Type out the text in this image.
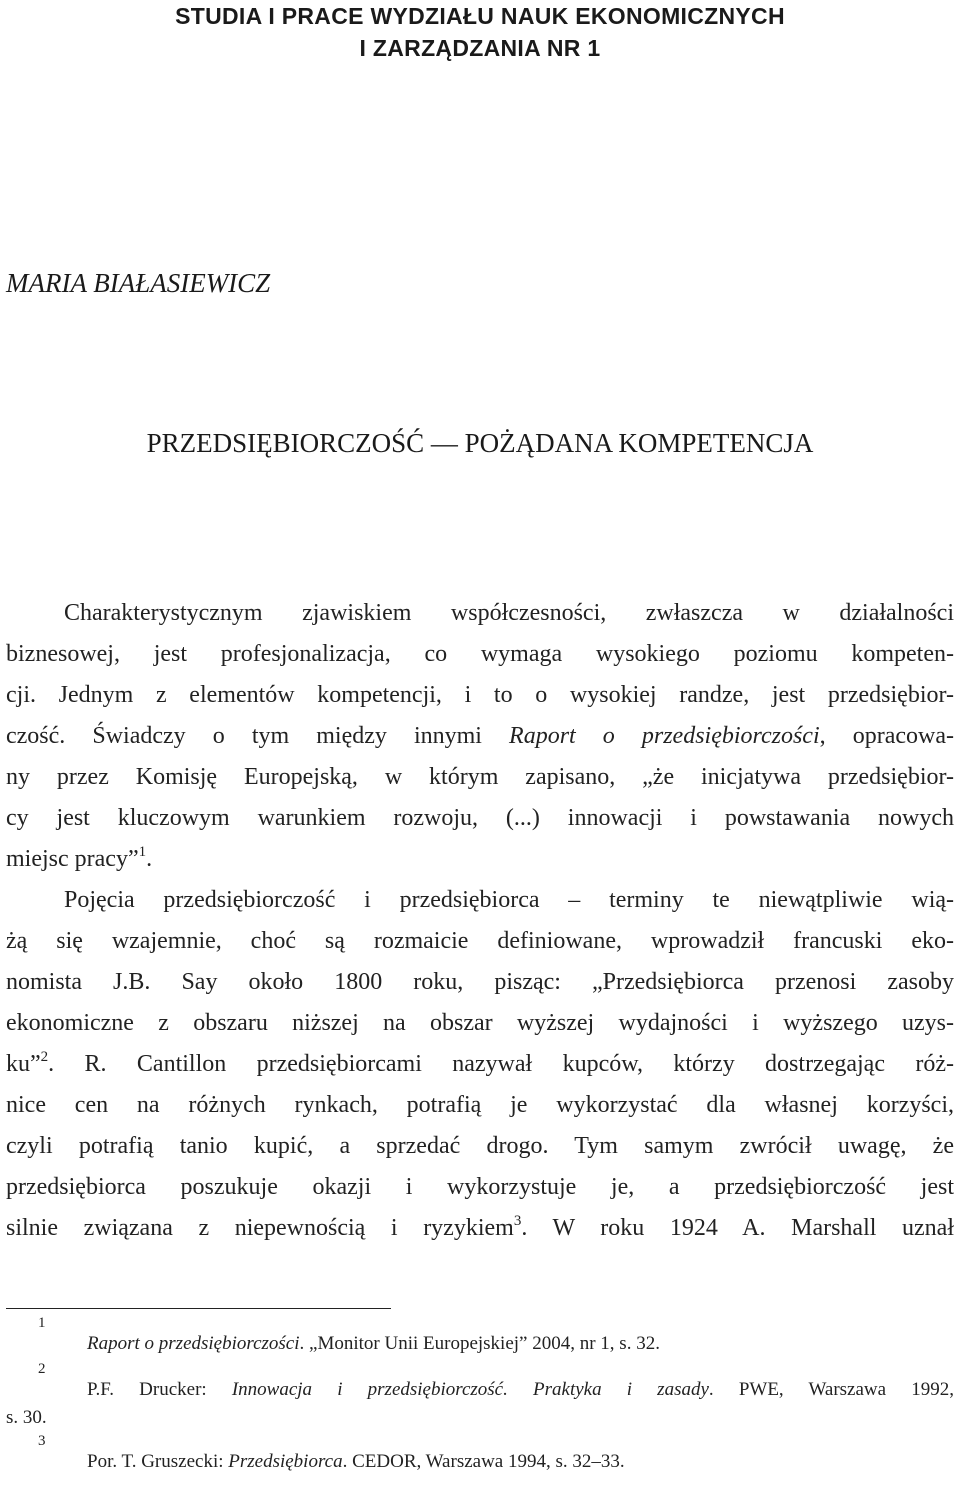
STUDIA I PRACE WYDZIAŁU NAUK EKONOMICZNYCH
I ZARZĄDZANIA NR 1
MARIA BIAŁASIEWICZ
PRZEDSIĘBIORCZOŚĆ — POŻĄDANA KOMPETENCJA
Charakterystycznym zjawiskiem współczesności, zwłaszcza w działalności
biznesowej, jest profesjonalizacja, co wymaga wysokiego poziomu kompeten-
cji. Jednym z elementów kompetencji, i to o wysokiej randze, jest przedsiębior-
czość. Świadczy o tym między innymi Raport o przedsiębiorczości, opracowa-
ny przez Komisję Europejską, w którym zapisano, „że inicjatywa przedsiębior-
cy jest kluczowym warunkiem rozwoju, (...) innowacji i powstawania nowych
miejsc pracy”$^1$.
Pojęcia przedsiębiorczość i przedsiębiorca – terminy te niewątpliwie wią-
żą się wzajemnie, choć są rozmaicie definiowane, wprowadził francuski eko-
nomista J.B. Say około 1800 roku, pisząc: „Przedsiębiorca przenosi zasoby
ekonomiczne z obszaru niższej na obszar wyższej wydajności i wyższego uzys-
ku”$^2$. R. Cantillon przedsiębiorcami nazywał kupców, którzy dostrzegając róż-
nice cen na różnych rynkach, potrafią je wykorzystać dla własnej korzyści,
czyli potrafią tanio kupić, a sprzedać drogo. Tym samym zwrócił uwagę, że
przedsiębiorca poszukuje okazji i wykorzystuje je, a przedsiębiorczość jest
silnie związana z niepewnością i ryzykiem$^3$. W roku 1924 A. Marshall uznał
1
Raport o przedsiębiorczości. „Monitor Unii Europejskiej” 2004, nr 1, s. 32.
2
P.F. Drucker: Innowacja i przedsiębiorczość. Praktyka i zasady. PWE, Warszawa 1992,
s. 30.
3
Por. T. Gruszecki: Przedsiębiorca. CEDOR, Warszawa 1994, s. 32–33.
